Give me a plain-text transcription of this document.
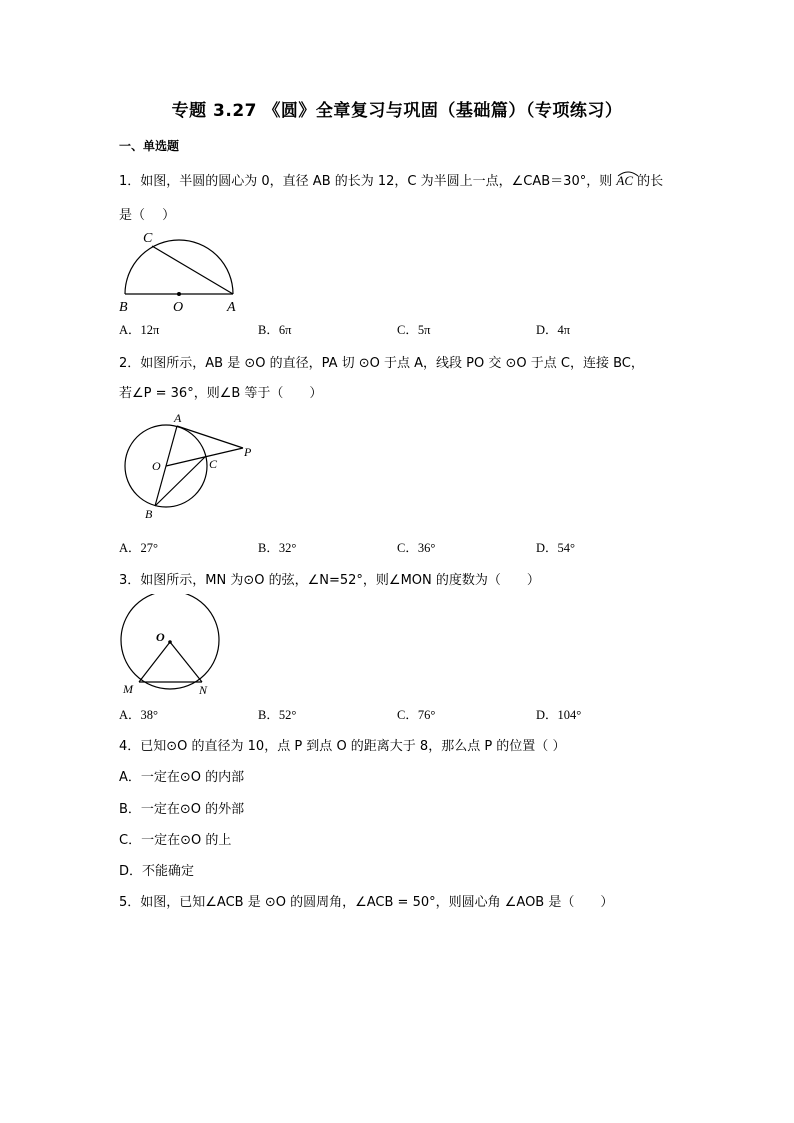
专题 3.27 《圆》全章复习与巩固（基础篇）（专项练习）
一、单选题
1．如图，半圆的圆心为 0，直径 AB 的长为 12，C 为半圆上一点，∠CAB＝30°，则 AC 的长
是（　 ）
C
B	O	A
A．12π	B．6π	C．5π	D．4π
2．如图所示，AB 是 ⊙O 的直径，PA 切 ⊙O 于点 A，线段 PO 交 ⊙O 于点 C，连接 BC，
若∠P = 36°，则∠B 等于（　　）
A
O	C
P
B
A．27°	B．32°	C．36°	D．54°
3．如图所示，MN 为⊙O 的弦，∠N=52°，则∠MON 的度数为（　　）
O
M	N
A．38°	B．52°	C．76°	D．104°
4．已知⊙O 的直径为 10，点 P 到点 O 的距离大于 8，那么点 P 的位置（ ）
A．一定在⊙O 的内部
B．一定在⊙O 的外部
C．一定在⊙O 的上
D．不能确定
5．如图，已知∠ACB 是 ⊙O 的圆周角，∠ACB = 50°，则圆心角 ∠AOB 是（　　）
